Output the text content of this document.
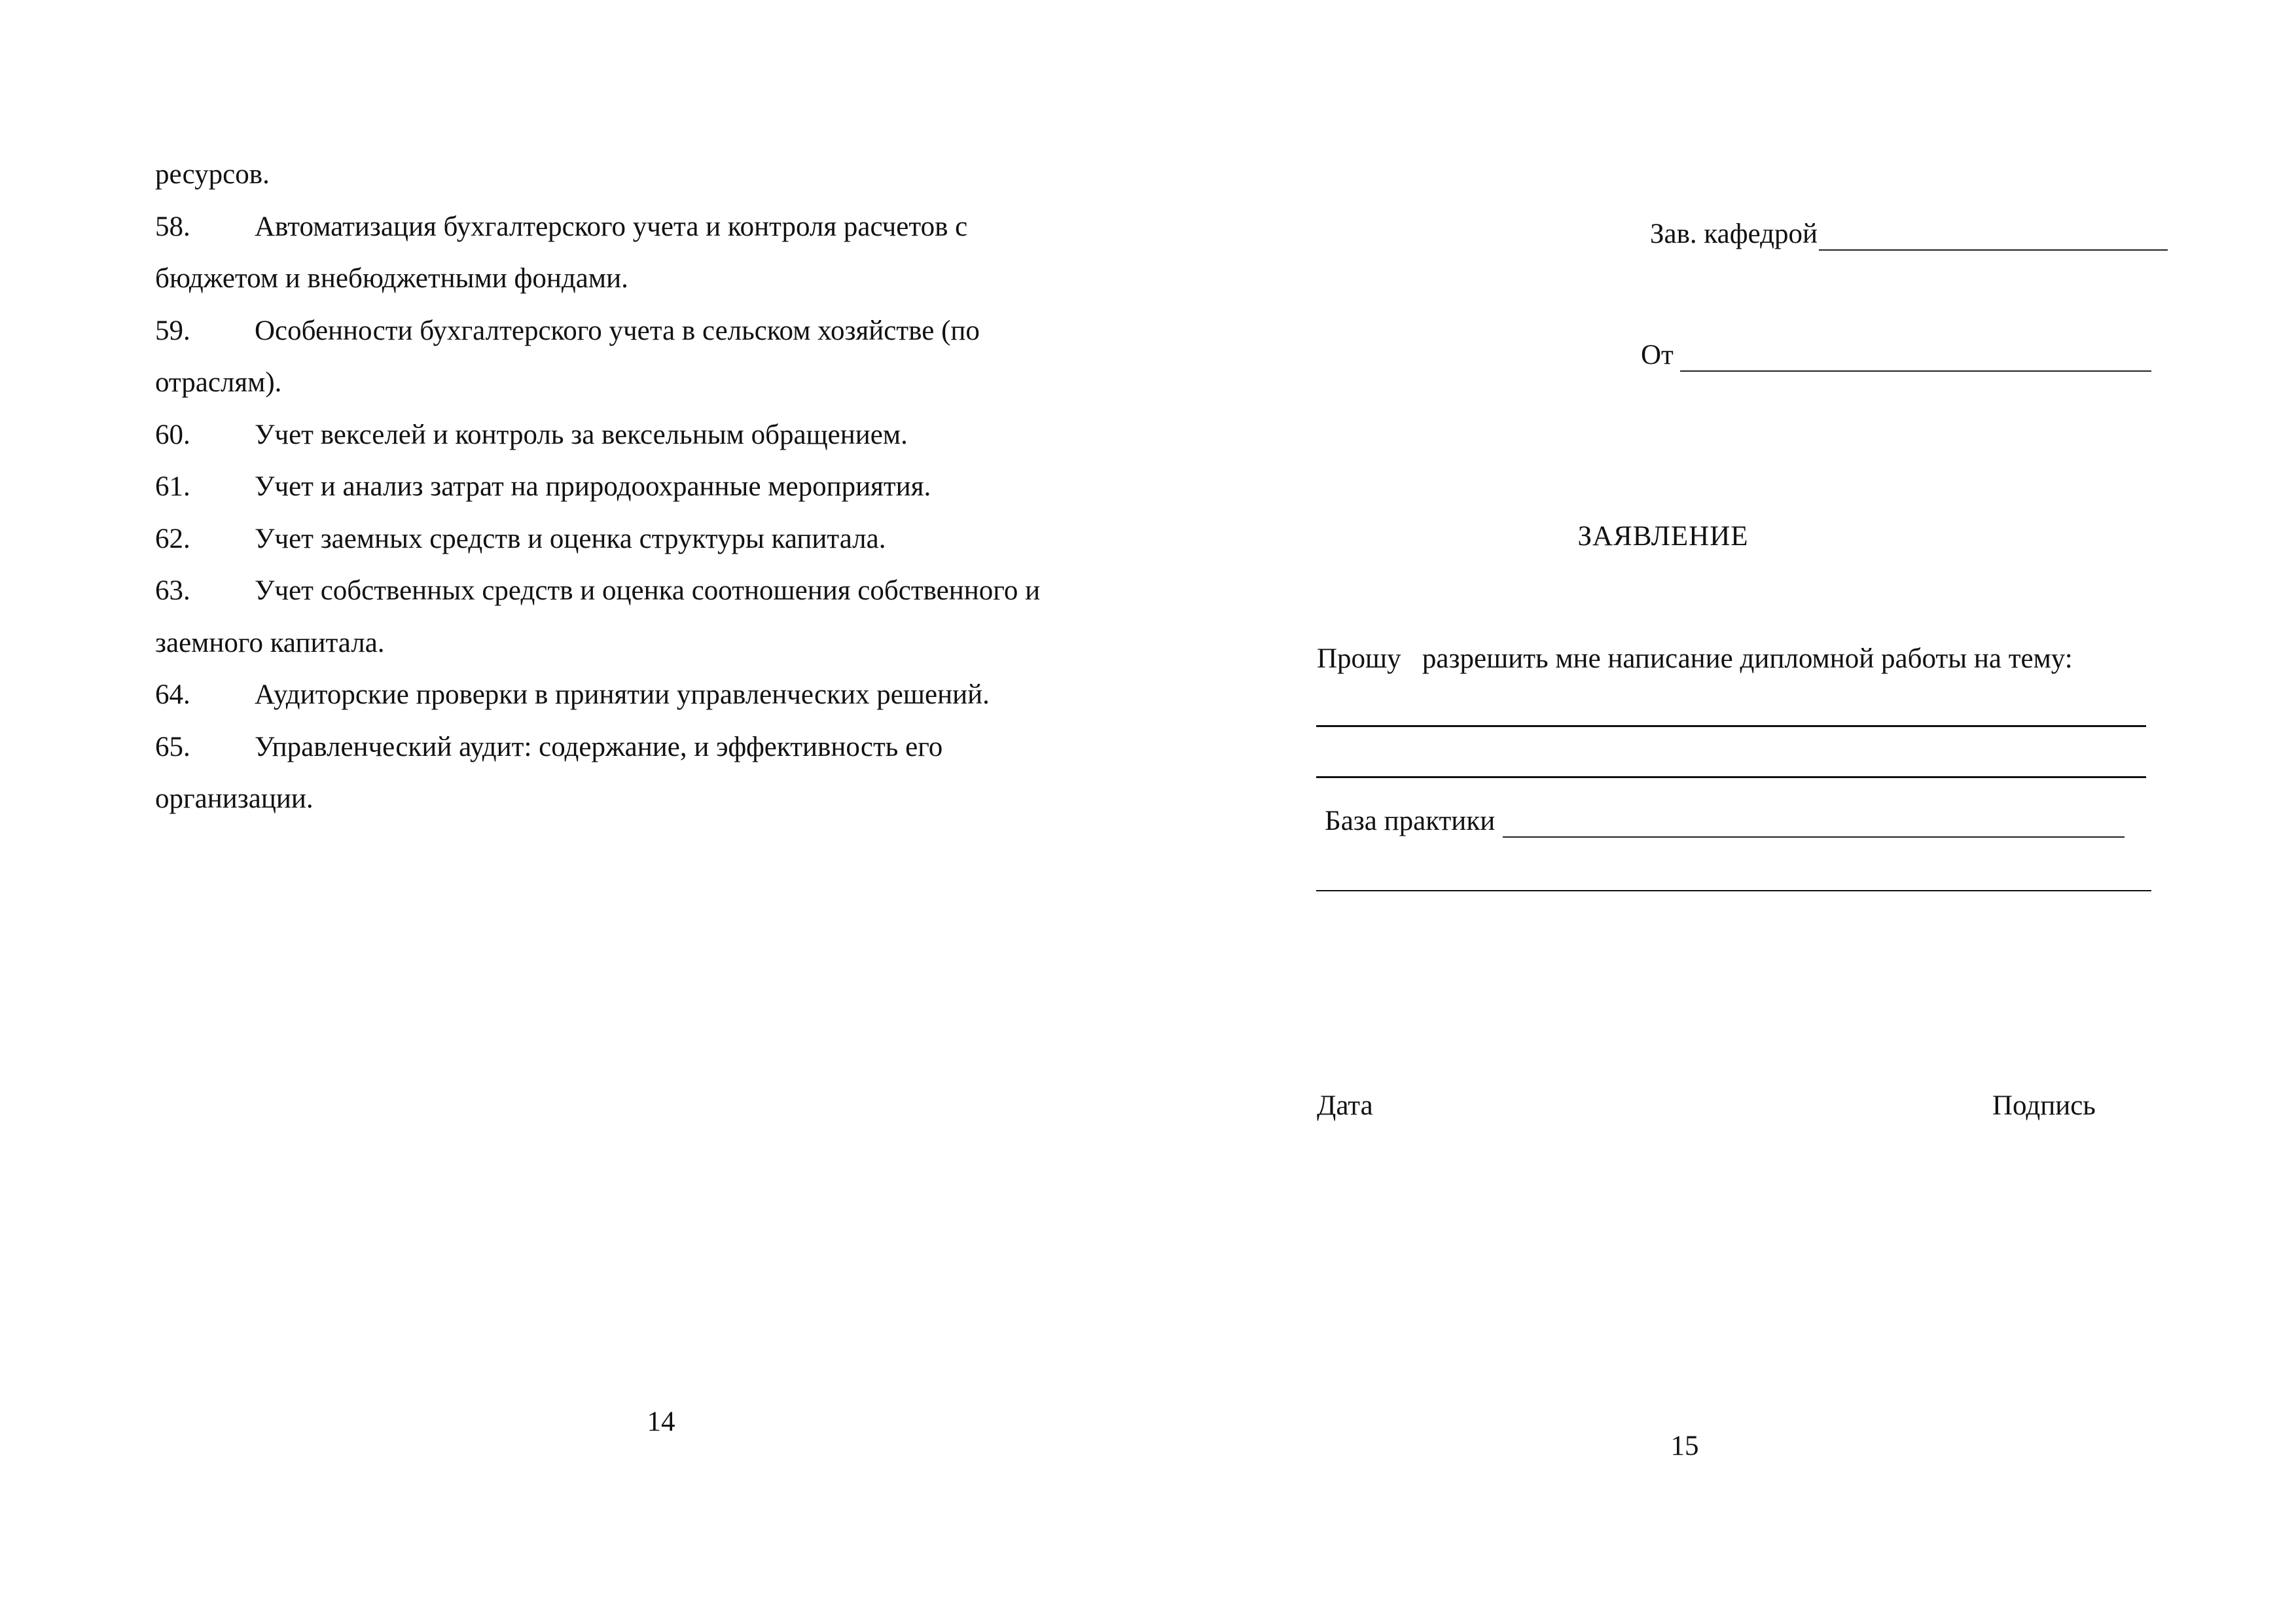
ресурсов.

58. Автоматизация бухгалтерского учета и контроля расчетов с

бюджетом и внебюджетными фондами.

59. Особенности бухгалтерского учета в сельском хозяйстве (по

отраслям).

60. Учет векселей и контроль за вексельным обращением.

61. Учет и анализ затрат на природоохранные мероприятия.

62. Учет заемных средств и оценка структуры капитала.

63. Учет собственных средств и оценка соотношения собственного и

заемного капитала.

64. Аудиторские проверки в принятии управленческих решений.

65. Управленческий аудит: содержание, и эффективность его

организации.

14
Зав. кафедрой
От
ЗАЯВЛЕНИЕ
Прошу   разрешить мне написание дипломной работы на тему:
База практики
Дата	Подпись
15
